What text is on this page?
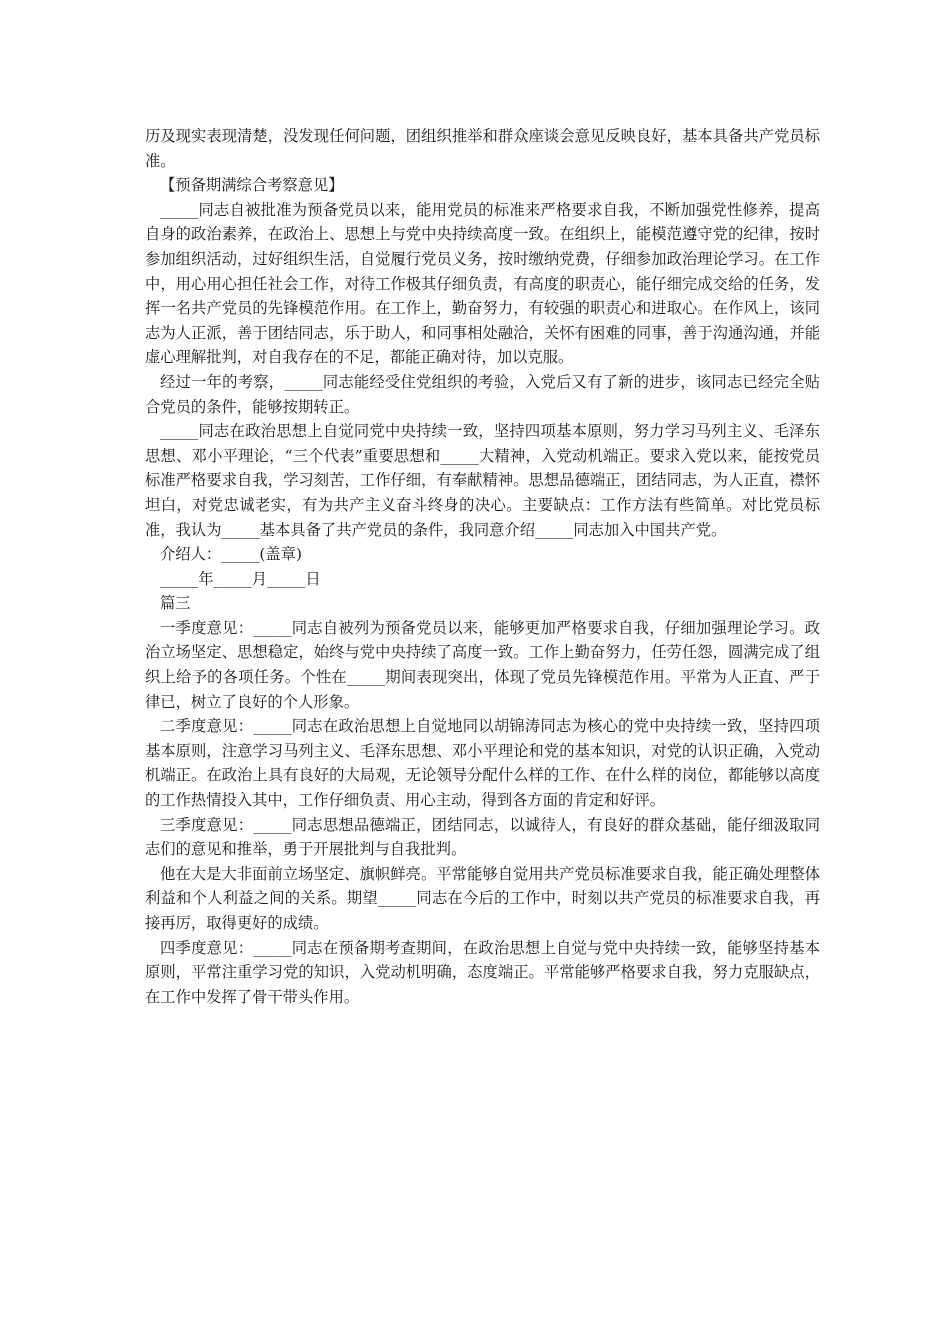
历及现实表现清楚，没发现任何问题，团组织推举和群众座谈会意见反映良好，基本具备共产党员标准。

【预备期满综合考察意见】

_____同志自被批准为预备党员以来，能用党员的标准来严格要求自我，不断加强党性修养，提高自身的政治素养，在政治上、思想上与党中央持续高度一致。在组织上，能模范遵守党的纪律，按时参加组织活动，过好组织生活，自觉履行党员义务，按时缴纳党费，仔细参加政治理论学习。在工作中，用心用心担任社会工作，对待工作极其仔细负责，有高度的职责心，能仔细完成交给的任务，发挥一名共产党员的先锋模范作用。在工作上，勤奋努力，有较强的职责心和进取心。在作风上，该同志为人正派，善于团结同志，乐于助人，和同事相处融洽，关怀有困难的同事，善于沟通沟通，并能虚心理解批判，对自我存在的不足，都能正确对待，加以克服。

经过一年的考察，_____同志能经受住党组织的考验，入党后又有了新的进步，该同志已经完全贴合党员的条件，能够按期转正。

_____同志在政治思想上自觉同党中央持续一致，坚持四项基本原则，努力学习马列主义、毛泽东思想、邓小平理论，“三个代表”重要思想和_____大精神，入党动机端正。要求入党以来，能按党员标准严格要求自我，学习刻苦，工作仔细，有奉献精神。思想品德端正，团结同志，为人正直，襟怀坦白，对党忠诚老实，有为共产主义奋斗终身的决心。主要缺点：工作方法有些简单。对比党员标准，我认为_____基本具备了共产党员的条件，我同意介绍_____同志加入中国共产党。

介绍人：_____(盖章)

_____年_____月_____日

篇三

一季度意见：_____同志自被列为预备党员以来，能够更加严格要求自我，仔细加强理论学习。政治立场坚定、思想稳定，始终与党中央持续了高度一致。工作上勤奋努力，任劳任怨，圆满完成了组织上给予的各项任务。个性在_____期间表现突出，体现了党员先锋模范作用。平常为人正直、严于律已，树立了良好的个人形象。

二季度意见：_____同志在政治思想上自觉地同以胡锦涛同志为核心的党中央持续一致，坚持四项基本原则，注意学习马列主义、毛泽东思想、邓小平理论和党的基本知识，对党的认识正确，入党动机端正。在政治上具有良好的大局观，无论领导分配什么样的工作、在什么样的岗位，都能够以高度的工作热情投入其中，工作仔细负责、用心主动，得到各方面的肯定和好评。

三季度意见：_____同志思想品德端正，团结同志，以诚待人，有良好的群众基础，能仔细汲取同志们的意见和推举，勇于开展批判与自我批判。

他在大是大非面前立场坚定、旗帜鲜亮。平常能够自觉用共产党员标准要求自我，能正确处理整体利益和个人利益之间的关系。期望_____同志在今后的工作中，时刻以共产党员的标准要求自我，再接再厉，取得更好的成绩。

四季度意见：_____同志在预备期考查期间，在政治思想上自觉与党中央持续一致，能够坚持基本原则，平常注重学习党的知识，入党动机明确，态度端正。平常能够严格要求自我，努力克服缺点，在工作中发挥了骨干带头作用。
